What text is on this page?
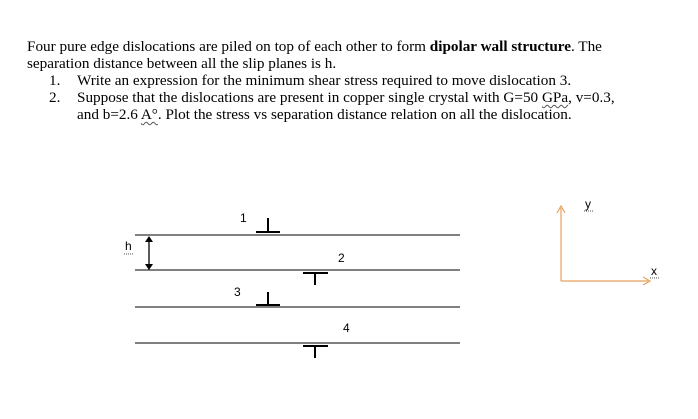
Four pure edge dislocations are piled on top of each other to form dipolar wall structure. The
separation distance between all the slip planes is h.
1. Write an expression for the minimum shear stress required to move dislocation 3.
2. Suppose that the dislocations are present in copper single crystal with G=50 GPa, v=0.3,
and b=2.6 A°. Plot the stress vs separation distance relation on all the dislocation.
1
2
3
4
h
y
x
